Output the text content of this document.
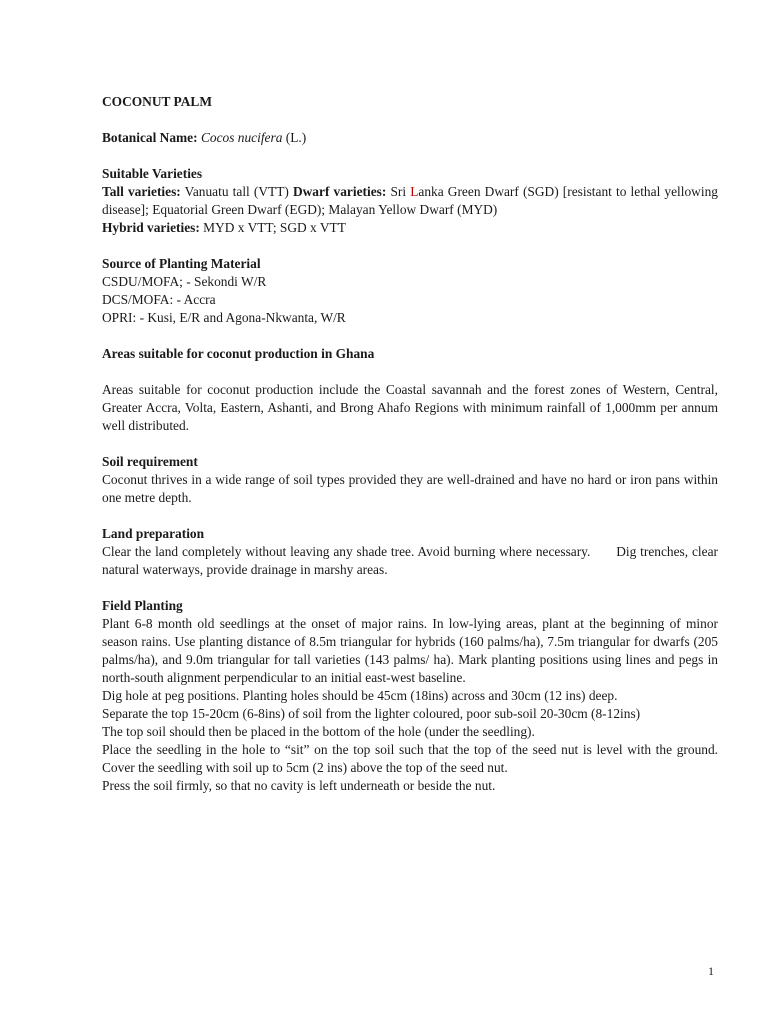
COCONUT PALM

Botanical Name: Cocos nucifera (L.)

Suitable Varieties

Tall varieties: Vanuatu tall (VTT) Dwarf varieties: Sri Lanka Green Dwarf (SGD) [resistant to lethal yellowing disease]; Equatorial Green Dwarf (EGD); Malayan Yellow Dwarf (MYD)

Hybrid varieties: MYD x VTT; SGD x VTT

Source of Planting Material

CSDU/MOFA; - Sekondi W/R

DCS/MOFA: - Accra

OPRI: - Kusi, E/R and Agona-Nkwanta, W/R

Areas suitable for coconut production in Ghana

Areas suitable for coconut production include the Coastal savannah and the forest zones of Western, Central, Greater Accra, Volta, Eastern, Ashanti, and Brong Ahafo Regions with minimum rainfall of 1,000mm per annum well distributed.

Soil requirement

Coconut thrives in a wide range of soil types provided they are well-drained and have no hard or iron pans within one metre depth.

Land preparation

Clear the land completely without leaving any shade tree. Avoid burning where necessary. Dig trenches, clear natural waterways, provide drainage in marshy areas.

Field Planting

Plant 6-8 month old seedlings at the onset of major rains. In low-lying areas, plant at the beginning of minor season rains. Use planting distance of 8.5m triangular for hybrids (160 palms/ha), 7.5m triangular for dwarfs (205 palms/ha), and 9.0m triangular for tall varieties (143 palms/ ha). Mark planting positions using lines and pegs in north-south alignment perpendicular to an initial east-west baseline.

Dig hole at peg positions. Planting holes should be 45cm (18ins) across and 30cm (12 ins) deep.

Separate the top 15-20cm (6-8ins) of soil from the lighter coloured, poor sub-soil 20-30cm (8-12ins)

The top soil should then be placed in the bottom of the hole (under the seedling).

Place the seedling in the hole to “sit” on the top soil such that the top of the seed nut is level with the ground. Cover the seedling with soil up to 5cm (2 ins) above the top of the seed nut.

Press the soil firmly, so that no cavity is left underneath or beside the nut.

1
